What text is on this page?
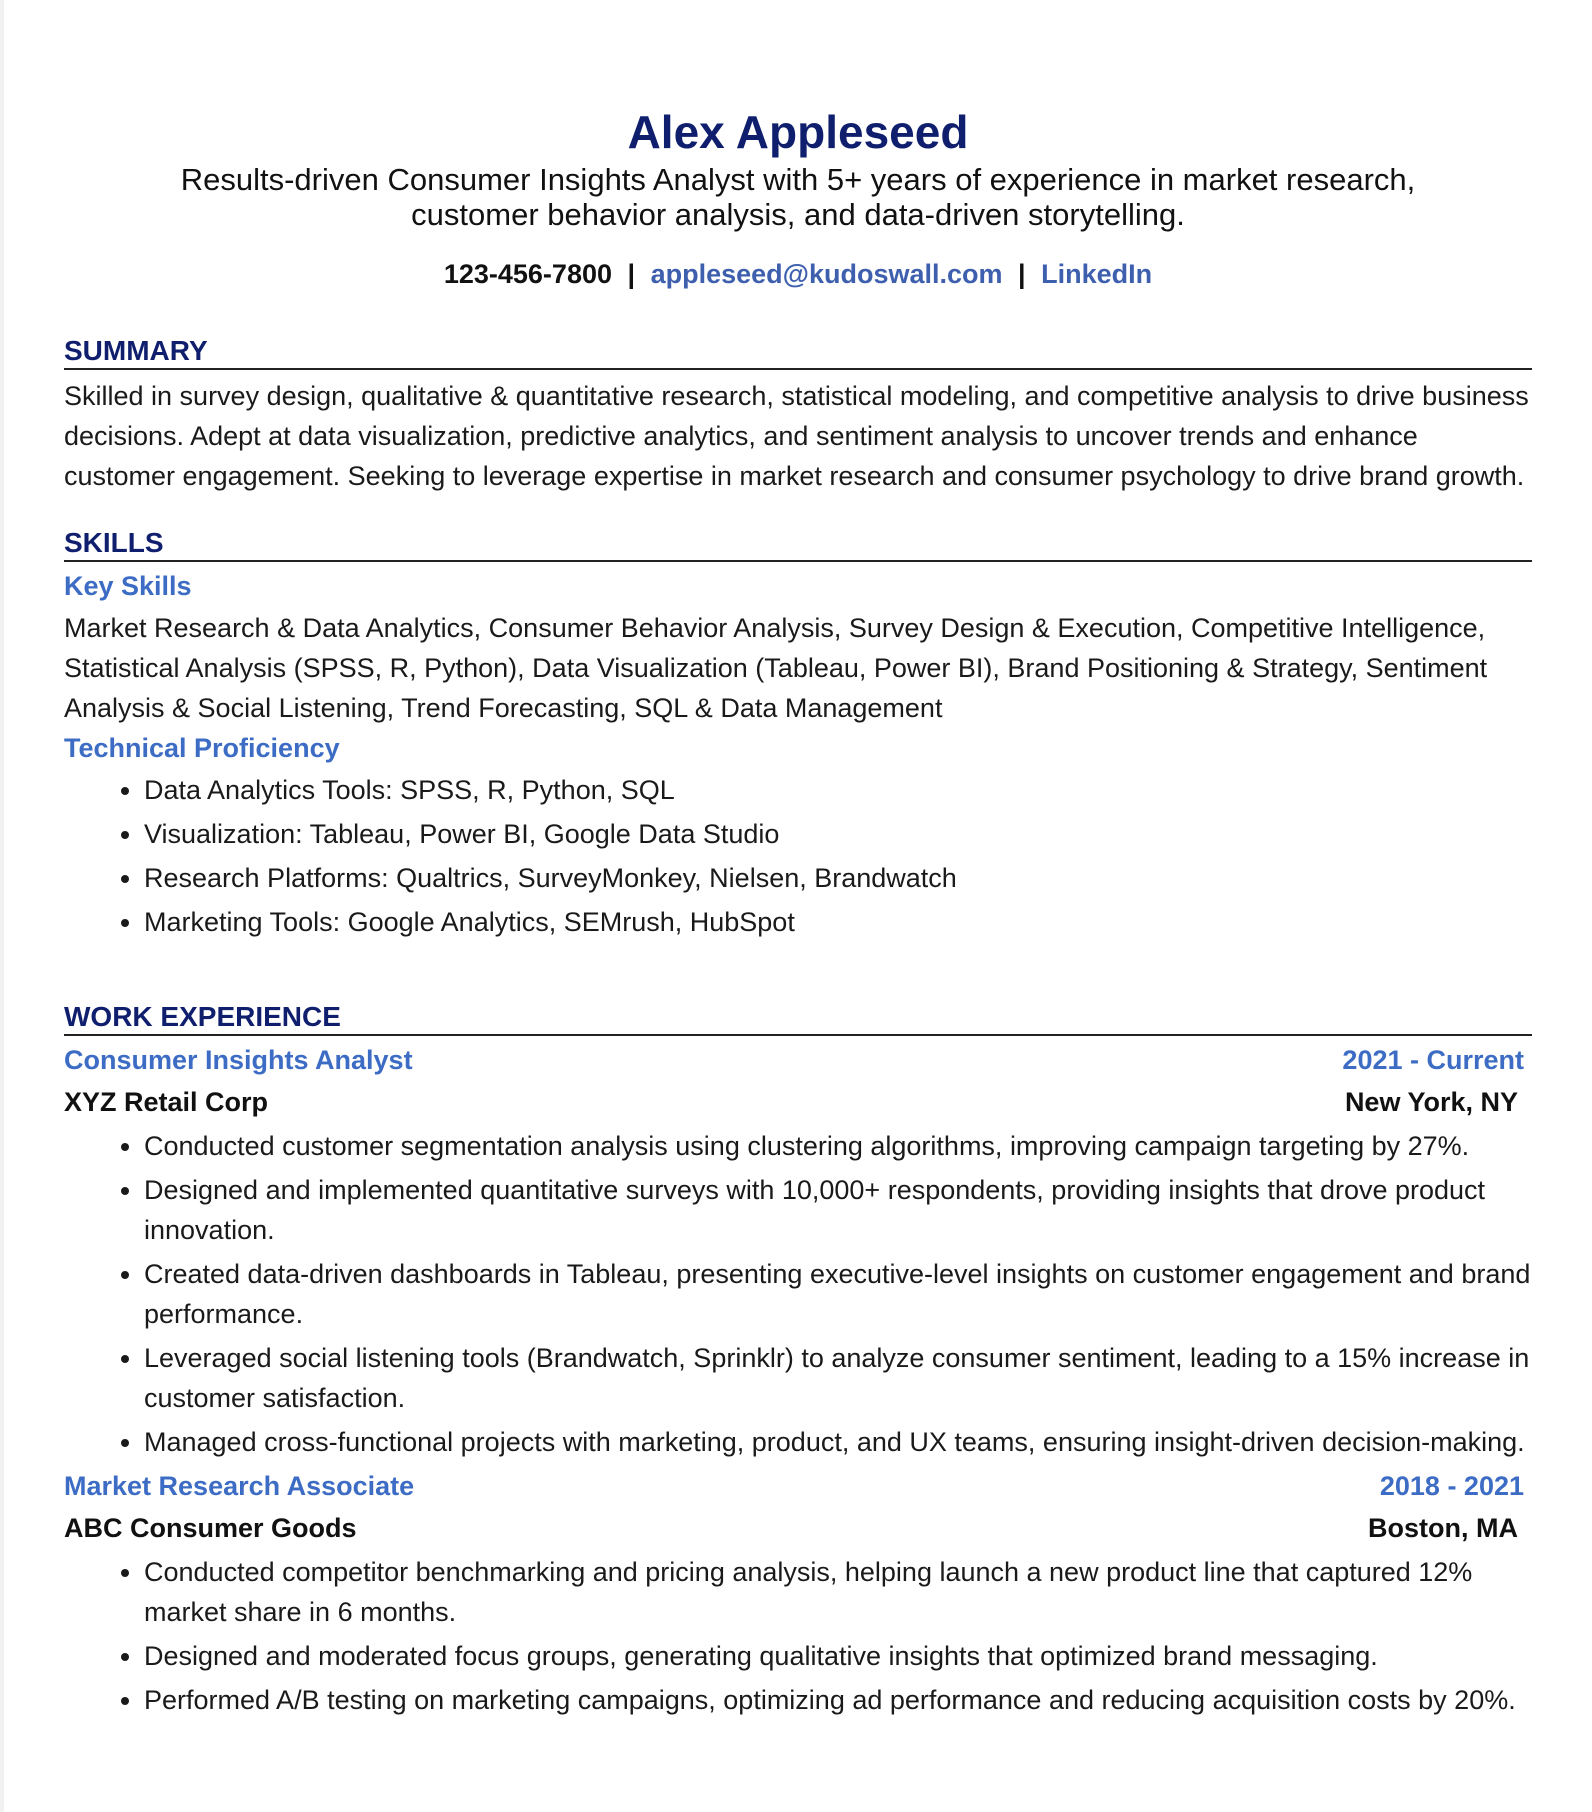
Alex Appleseed
Results-driven Consumer Insights Analyst with 5+ years of experience in market research, customer behavior analysis, and data-driven storytelling.
123-456-7800 | appleseed@kudoswall.com | LinkedIn
SUMMARY

Skilled in survey design, qualitative & quantitative research, statistical modeling, and competitive analysis to drive business decisions. Adept at data visualization, predictive analytics, and sentiment analysis to uncover trends and enhance customer engagement. Seeking to leverage expertise in market research and consumer psychology to drive brand growth.

SKILLS
Key Skills

Market Research & Data Analytics, Consumer Behavior Analysis, Survey Design & Execution, Competitive Intelligence, Statistical Analysis (SPSS, R, Python), Data Visualization (Tableau, Power BI), Brand Positioning & Strategy, Sentiment Analysis & Social Listening, Trend Forecasting, SQL & Data Management

Technical Proficiency
• Data Analytics Tools: SPSS, R, Python, SQL
• Visualization: Tableau, Power BI, Google Data Studio
• Research Platforms: Qualtrics, SurveyMonkey, Nielsen, Brandwatch
• Marketing Tools: Google Analytics, SEMrush, HubSpot
WORK EXPERIENCE
Consumer Insights Analyst	2021 - Current
XYZ Retail Corp	New York, NY
• Conducted customer segmentation analysis using clustering algorithms, improving campaign targeting by 27%.
• Designed and implemented quantitative surveys with 10,000+ respondents, providing insights that drove product innovation.
• Created data-driven dashboards in Tableau, presenting executive-level insights on customer engagement and brand performance.
• Leveraged social listening tools (Brandwatch, Sprinklr) to analyze consumer sentiment, leading to a 15% increase in customer satisfaction.
• Managed cross-functional projects with marketing, product, and UX teams, ensuring insight-driven decision-making.
Market Research Associate	2018 - 2021
ABC Consumer Goods	Boston, MA
• Conducted competitor benchmarking and pricing analysis, helping launch a new product line that captured 12% market share in 6 months.
• Designed and moderated focus groups, generating qualitative insights that optimized brand messaging.
• Performed A/B testing on marketing campaigns, optimizing ad performance and reducing acquisition costs by 20%.
